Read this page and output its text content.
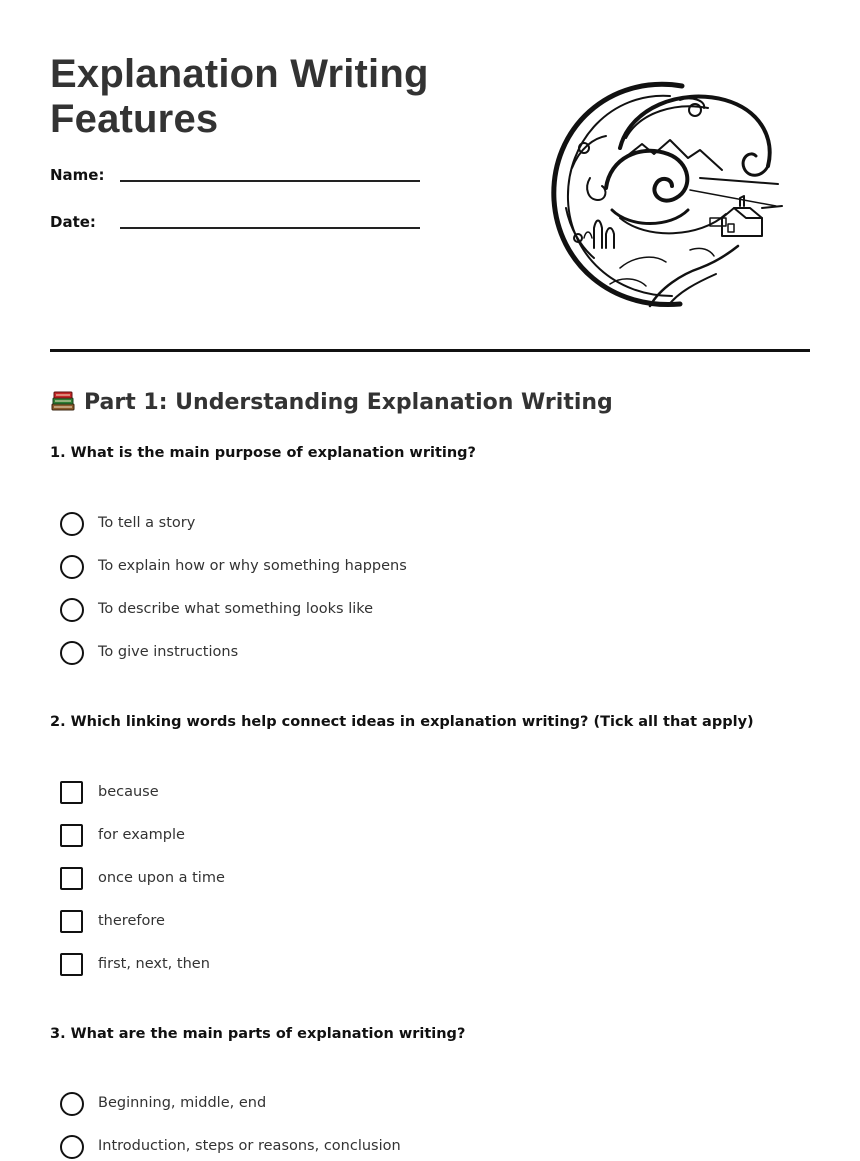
Explanation Writing Features
Name:
Date:
Part 1: Understanding Explanation Writing

1. What is the main purpose of explanation writing?

To tell a story
To explain how or why something happens
To describe what something looks like
To give instructions

2. Which linking words help connect ideas in explanation writing? (Tick all that apply)

because
for example
once upon a time
therefore
first, next, then

3. What are the main parts of explanation writing?

Beginning, middle, end
Introduction, steps or reasons, conclusion
